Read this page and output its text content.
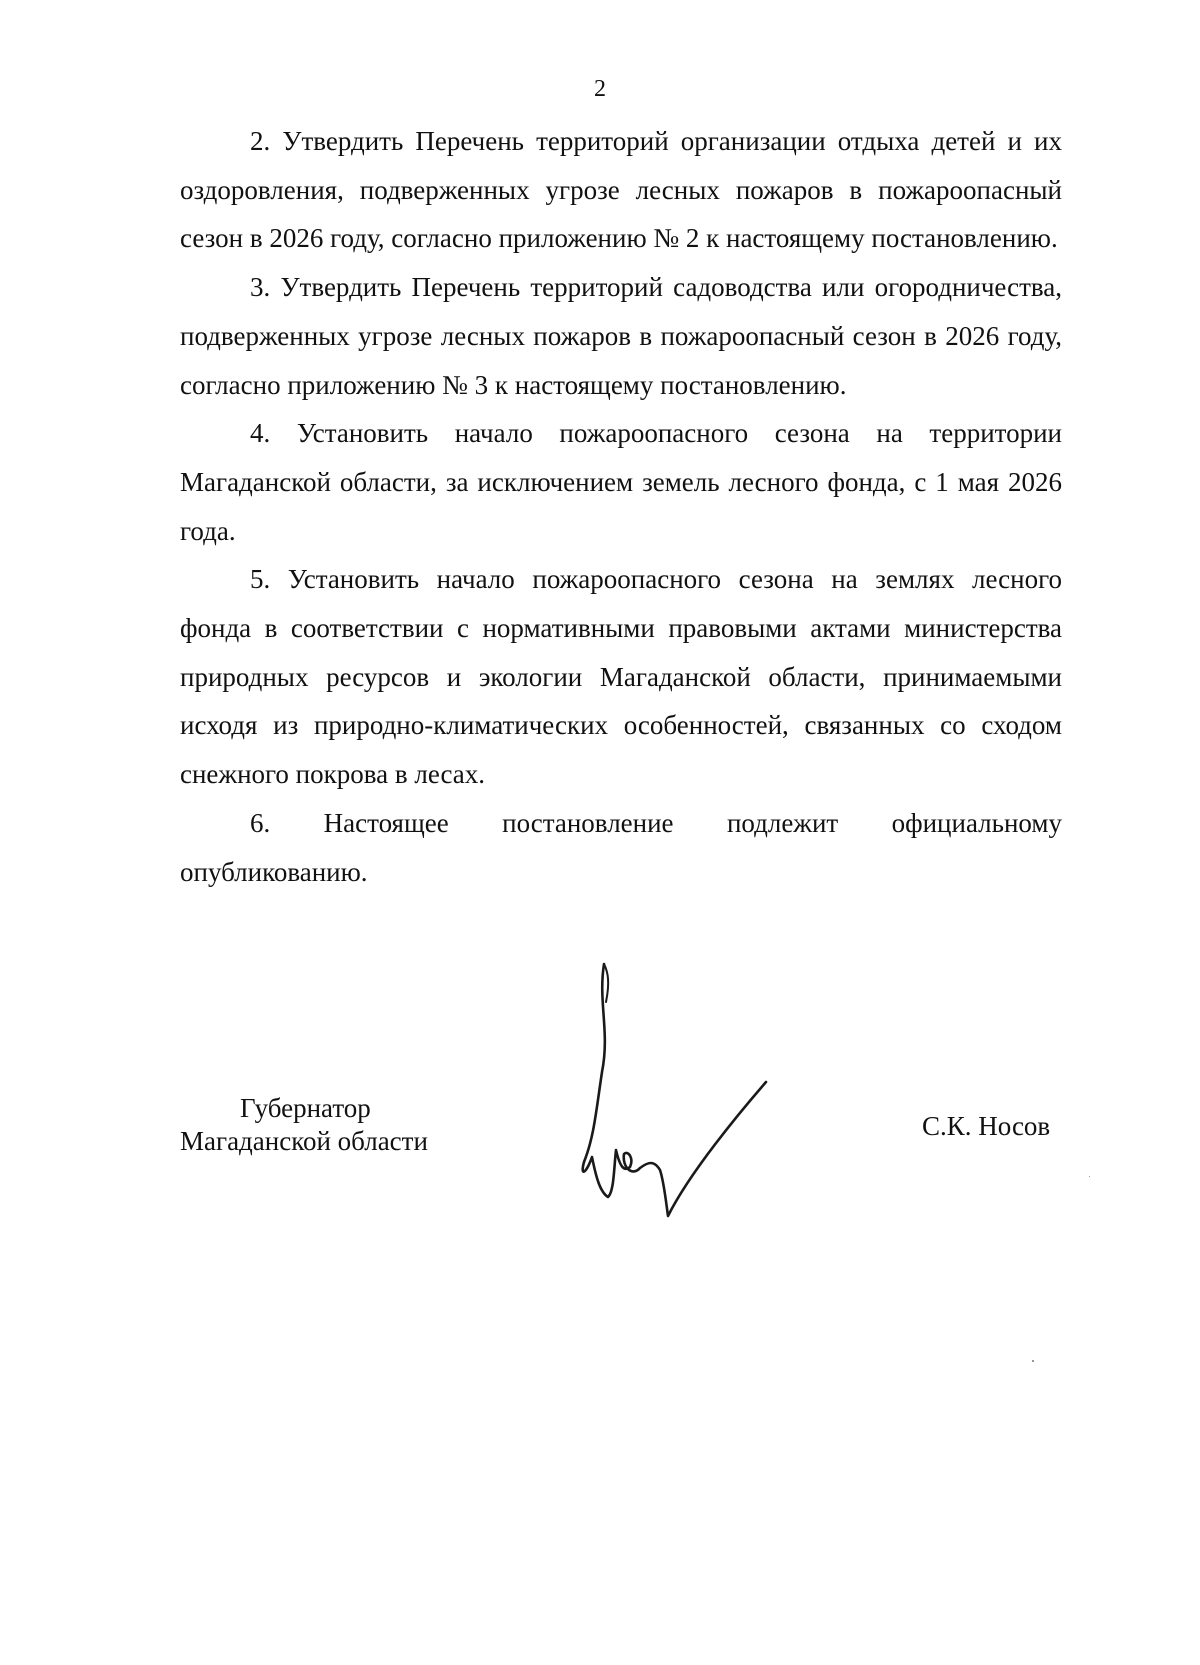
2

2. Утвердить Перечень территорий организации отдыха детей и их оздоровления, подверженных угрозе лесных пожаров в пожароопасный сезон в 2026 году, согласно приложению № 2 к настоящему постановлению.

3. Утвердить Перечень территорий садоводства или огородничества, подверженных угрозе лесных пожаров в пожароопасный сезон в 2026 году, согласно приложению № 3 к настоящему постановлению.

4. Установить начало пожароопасного сезона на территории Магаданской области, за исключением земель лесного фонда, с 1 мая 2026 года.

5. Установить начало пожароопасного сезона на землях лесного фонда в соответствии с нормативными правовыми актами министерства природных ресурсов и экологии Магаданской области, принимаемыми исходя из природно-климатических особенностей, связанных со сходом снежного покрова в лесах.

6. Настоящее постановление подлежит официальному опубликованию.

Губернатор
Магаданской области	С.К. Носов
